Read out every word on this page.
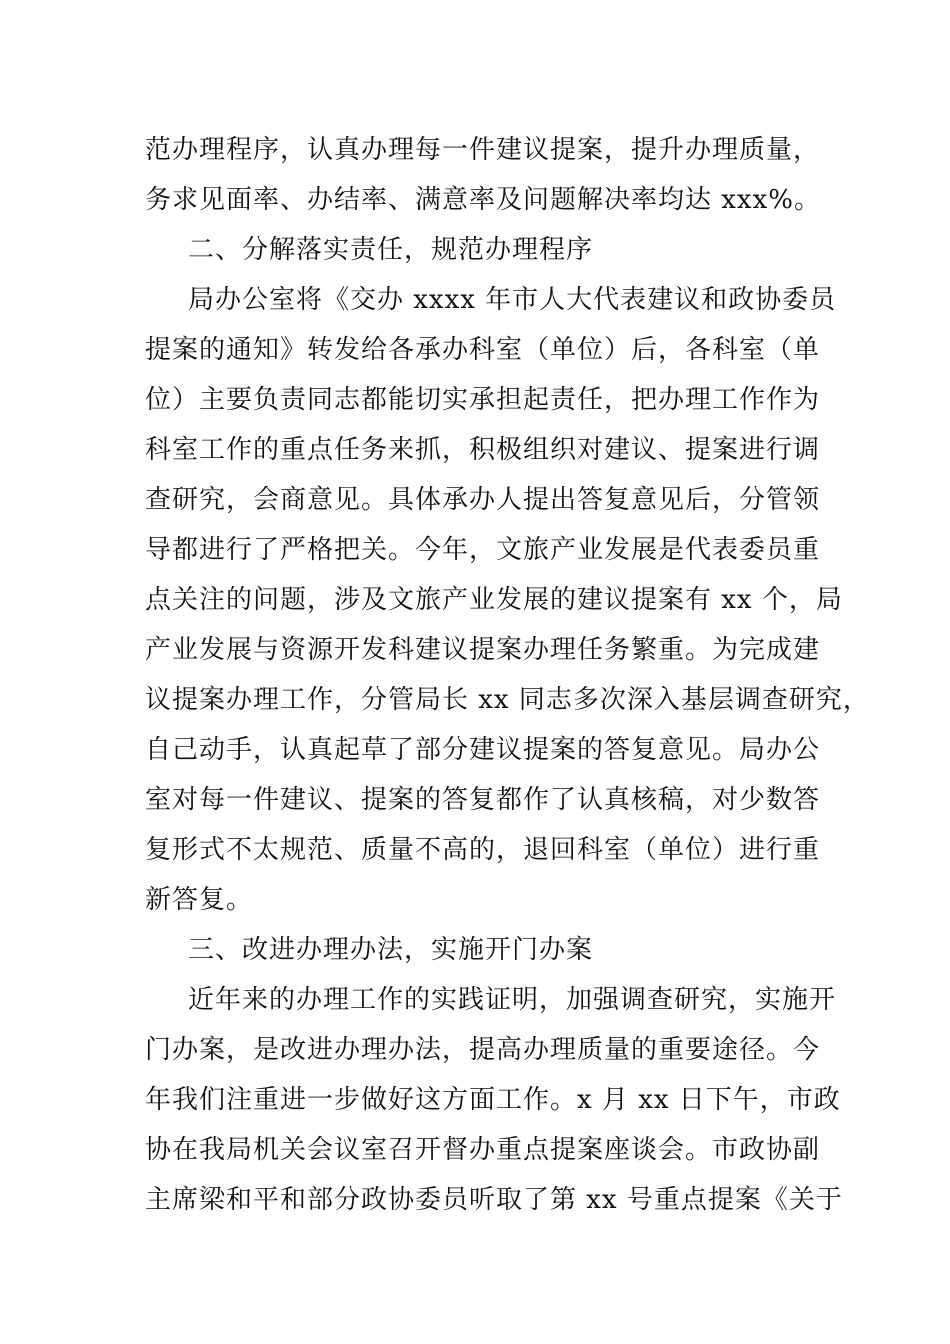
范办理程序，认真办理每一件建议提案，提升办理质量，
务求见面率、办结率、满意率及问题解决率均达 xxx%。
二、分解落实责任，规范办理程序
局办公室将《交办 xxxx 年市人大代表建议和政协委员
提案的通知》转发给各承办科室（单位）后，各科室（单
位）主要负责同志都能切实承担起责任，把办理工作作为
科室工作的重点任务来抓，积极组织对建议、提案进行调
查研究，会商意见。具体承办人提出答复意见后，分管领
导都进行了严格把关。今年，文旅产业发展是代表委员重
点关注的问题，涉及文旅产业发展的建议提案有 xx 个，局
产业发展与资源开发科建议提案办理任务繁重。为完成建
议提案办理工作，分管局长 xx 同志多次深入基层调查研究，
自己动手，认真起草了部分建议提案的答复意见。局办公
室对每一件建议、提案的答复都作了认真核稿，对少数答
复形式不太规范、质量不高的，退回科室（单位）进行重
新答复。
三、改进办理办法，实施开门办案
近年来的办理工作的实践证明，加强调查研究，实施开
门办案，是改进办理办法，提高办理质量的重要途径。今
年我们注重进一步做好这方面工作。x 月 xx 日下午，市政
协在我局机关会议室召开督办重点提案座谈会。市政协副
主席梁和平和部分政协委员听取了第 xx 号重点提案《关于
